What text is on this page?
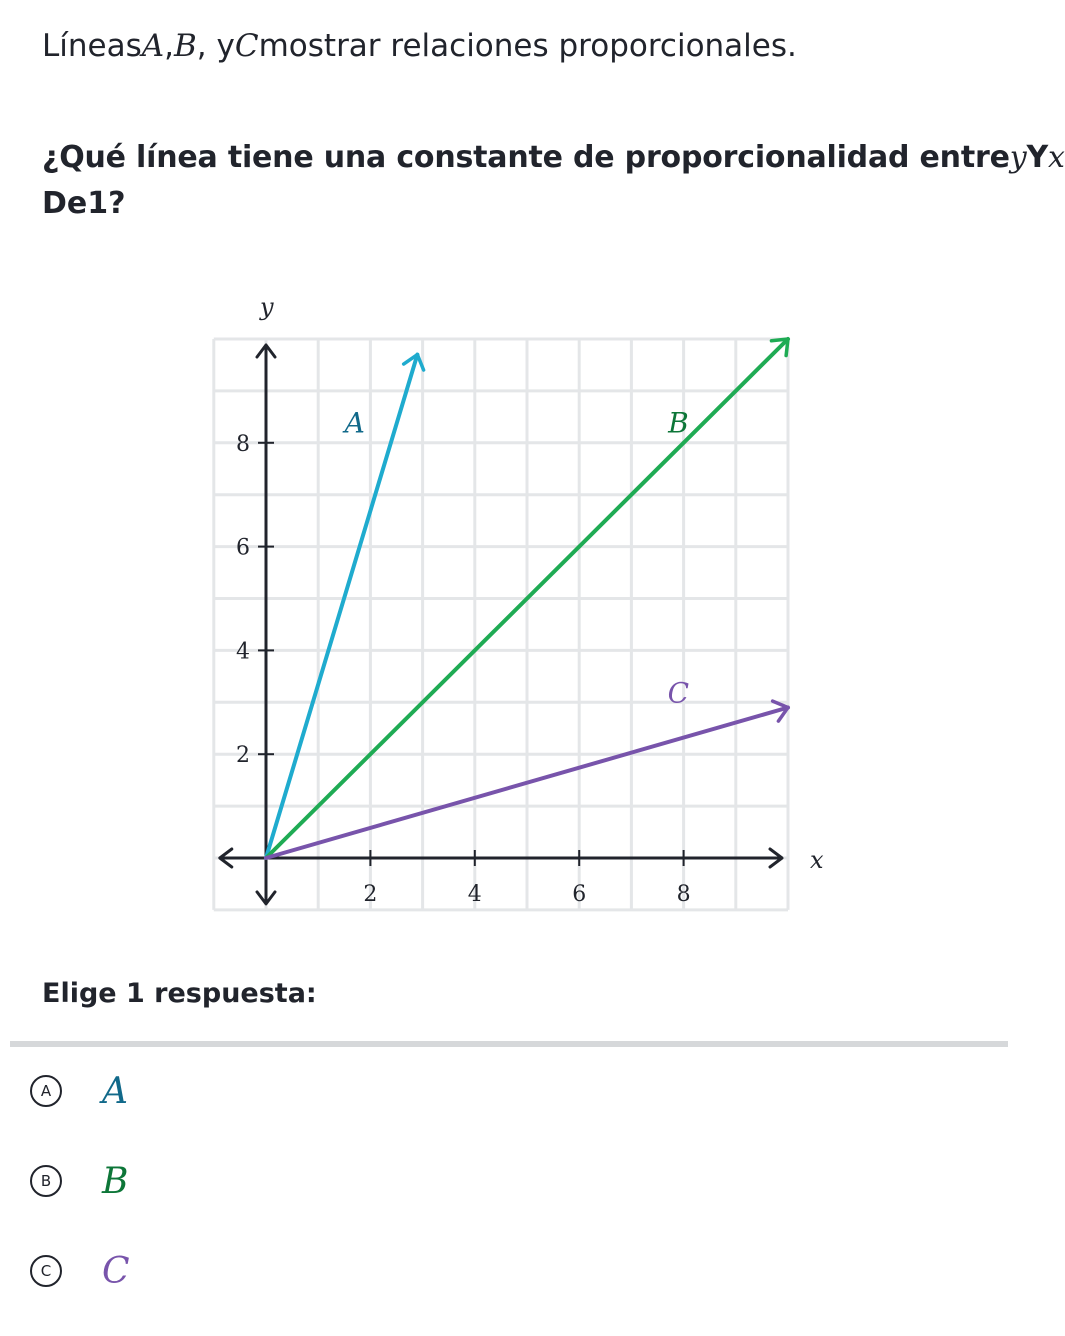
LíneasA,B, yCmostrar relaciones proporcionales.
¿Qué línea tiene una constante de proporcionalidad entreyYx
De1?
2	4	6	8
2
4
6
8
x
y
A	B
C
Elige 1 respuesta:
A	A
B	B
C C
